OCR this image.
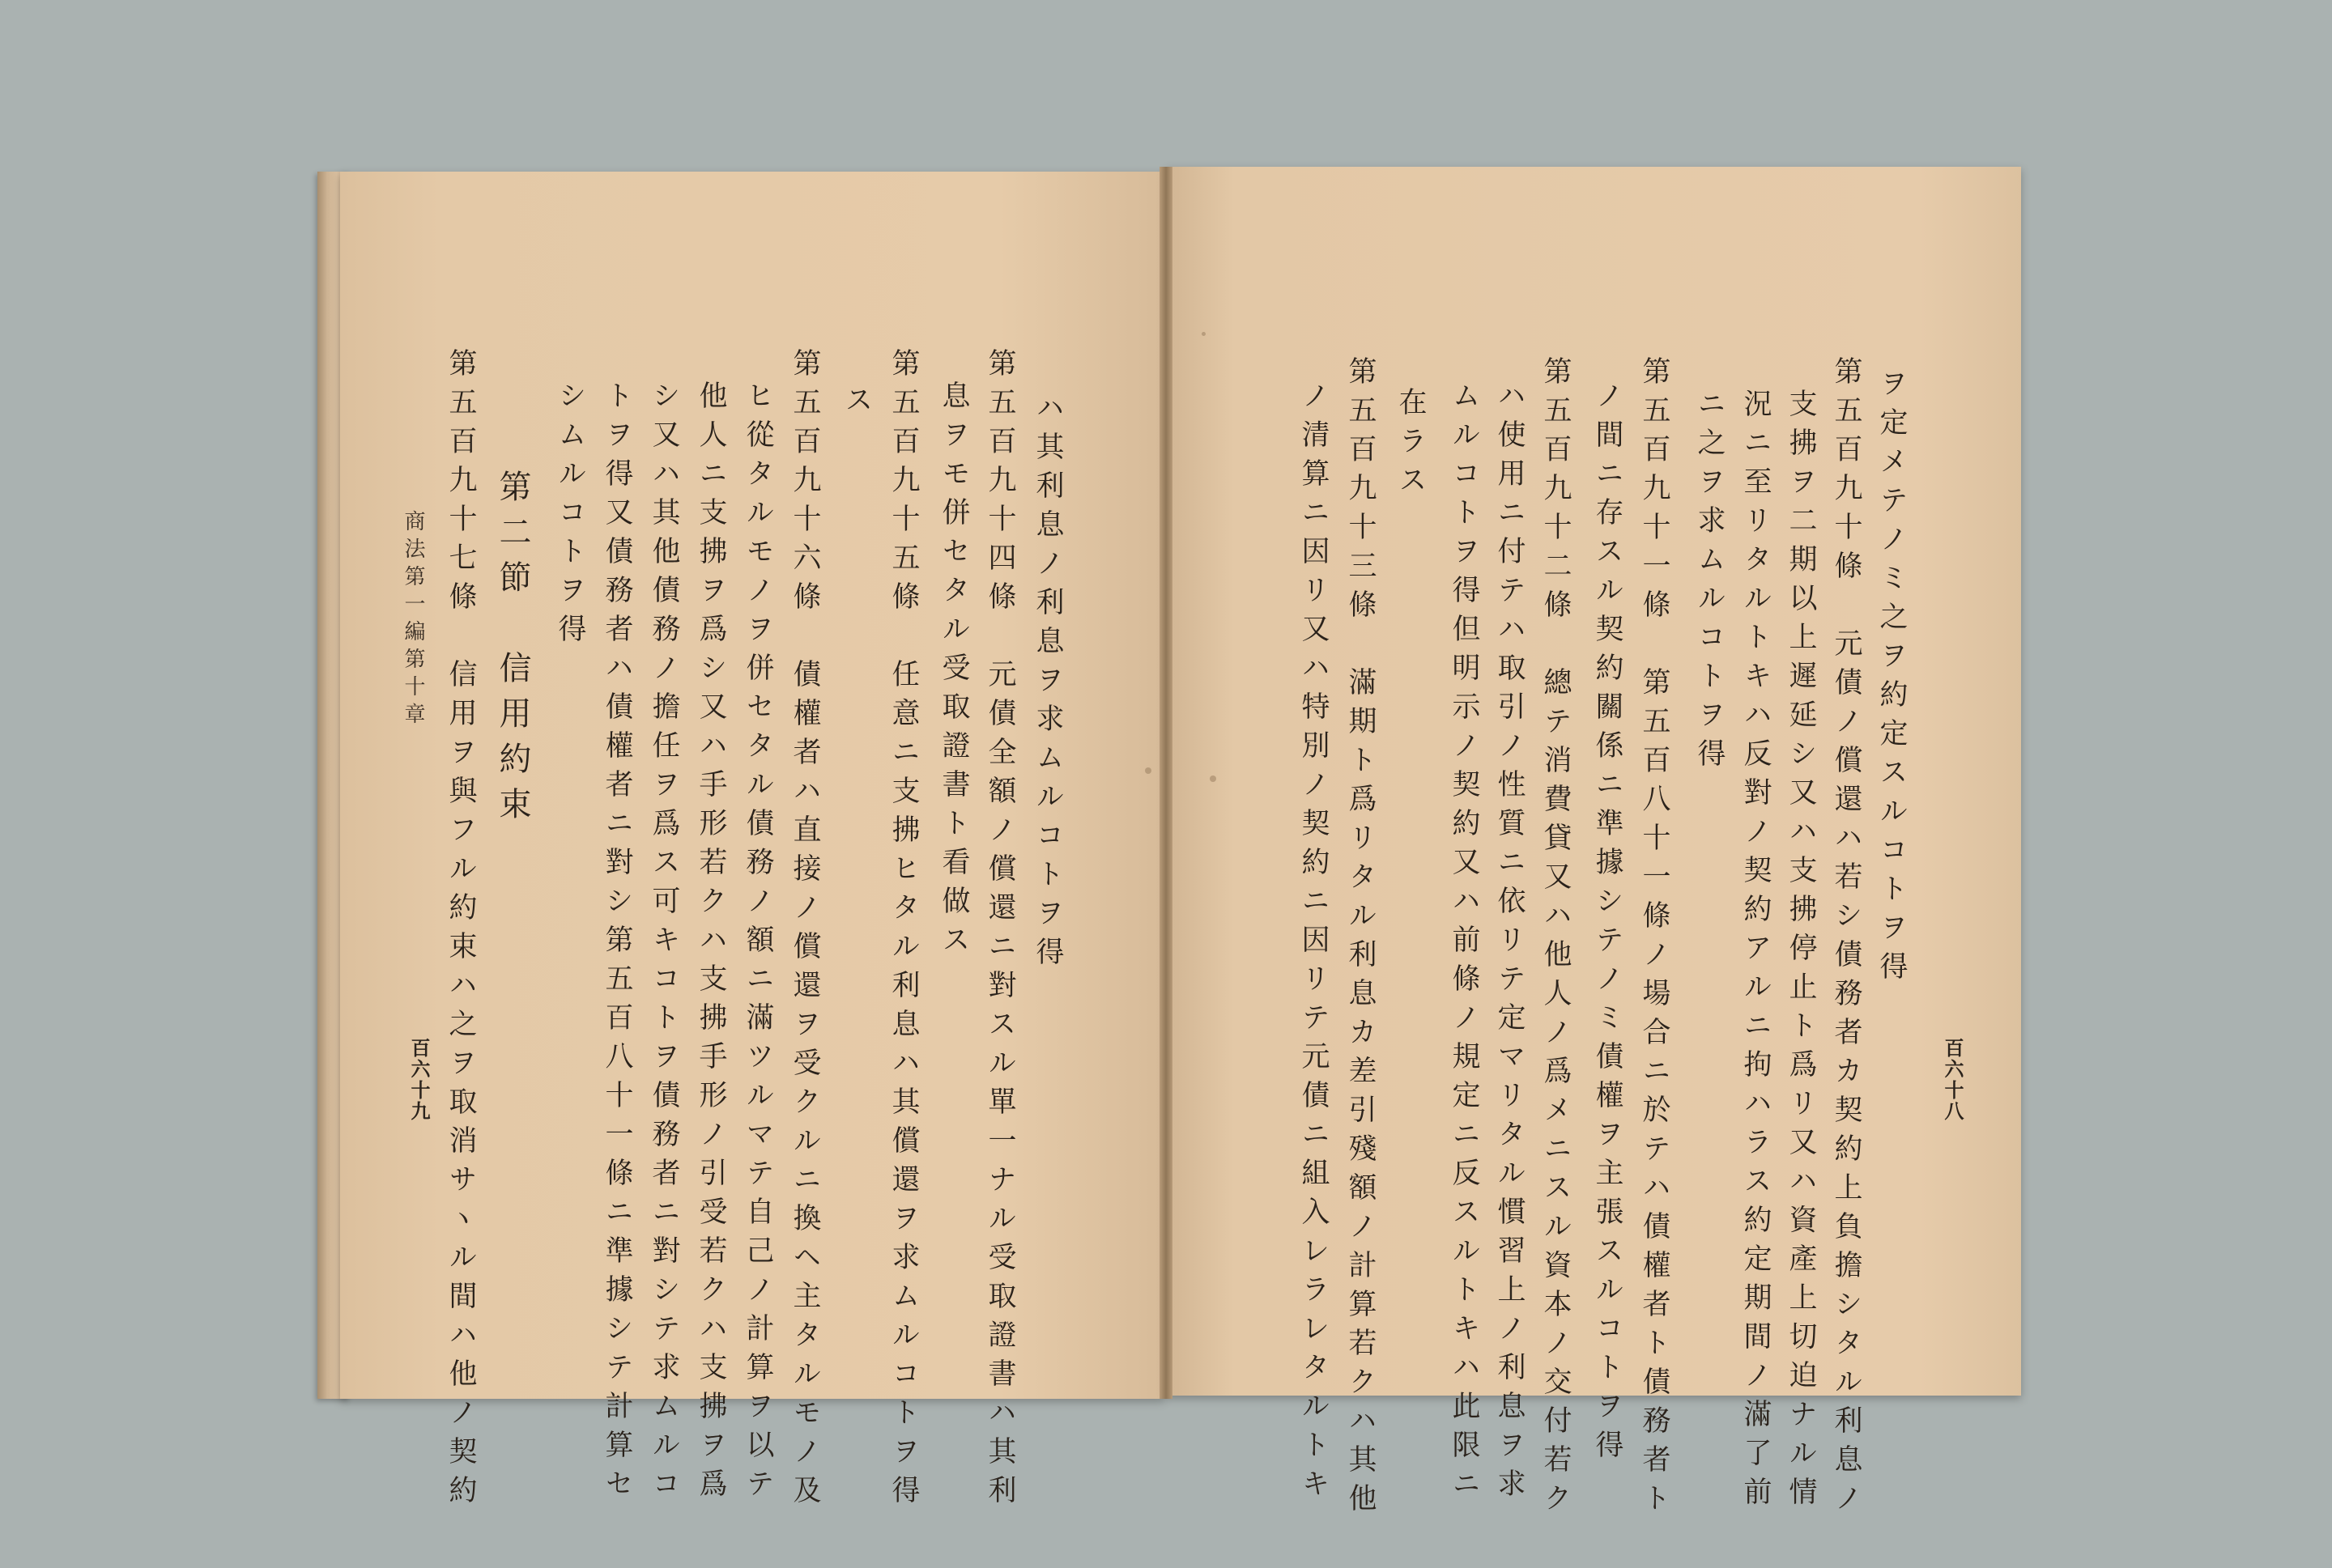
ヲ定メテノミ之ヲ約定スルコトヲ得
第五百九十條　元債ノ償還ハ若シ債務者カ契約上負擔シタル利息ノ
支拂ヲ二期以上遲延シ又ハ支拂停止ト爲リ又ハ資產上切迫ナル情
況ニ至リタルトキハ反對ノ契約アルニ拘ハラス約定期間ノ滿了前
ニ之ヲ求ムルコトヲ得
第五百九十一條　第五百八十一條ノ場合ニ於テハ債權者ト債務者ト
ノ間ニ存スル契約關係ニ準據シテノミ債權ヲ主張スルコトヲ得
第五百九十二條　總テ消費貸又ハ他人ノ爲メニスル資本ノ交付若ク
ハ使用ニ付テハ取引ノ性質ニ依リテ定マリタル慣習上ノ利息ヲ求
ムルコトヲ得但明示ノ契約又ハ前條ノ規定ニ反スルトキハ此限ニ
在ラス
第五百九十三條　滿期ト爲リタル利息カ差引殘額ノ計算若クハ其他
ノ清算ニ因リ又ハ特別ノ契約ニ因リテ元債ニ組入レラレタルトキ	百六十八
ハ其利息ノ利息ヲ求ムルコトヲ得
第五百九十四條　元債全額ノ償還ニ對スル單一ナル受取證書ハ其利
息ヲモ併セタル受取證書ト看做ス
第五百九十五條　任意ニ支拂ヒタル利息ハ其償還ヲ求ムルコトヲ得
ス
第五百九十六條　債權者ハ直接ノ償還ヲ受クルニ換ヘ主タルモノ及
ヒ從タルモノヲ併セタル債務ノ額ニ滿ツルマテ自己ノ計算ヲ以テ
他人ニ支拂ヲ爲シ又ハ手形若クハ支拂手形ノ引受若クハ支拂ヲ爲
シ又ハ其他債務ノ擔任ヲ爲ス可キコトヲ債務者ニ對シテ求ムルコ
トヲ得又債務者ハ債權者ニ對シ第五百八十一條ニ準據シテ計算セ
シムルコトヲ得
第二節　信用約束
第五百九十七條　信用ヲ與フル約束ハ之ヲ取消サヽル間ハ他ノ契約
商法第一編第十章
百六十九
